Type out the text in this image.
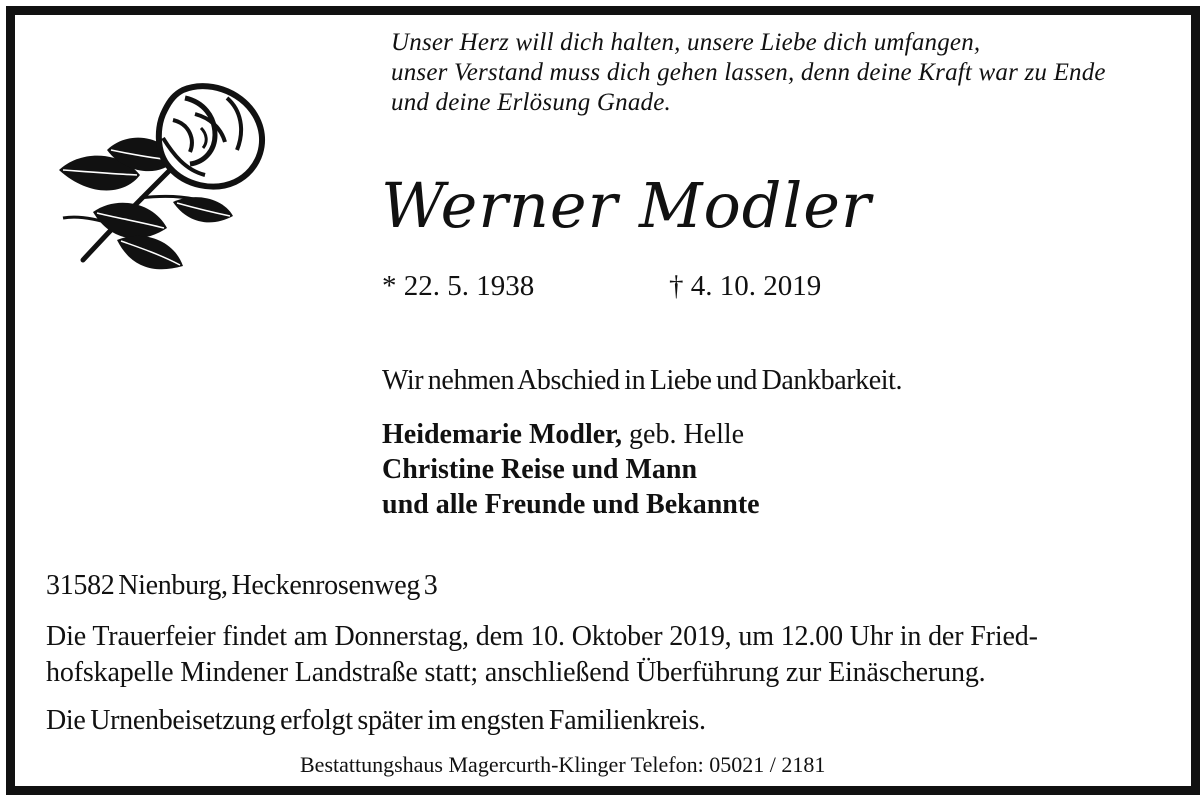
Unser Herz will dich halten, unsere Liebe dich umfangen,
unser Verstand muss dich gehen lassen, denn deine Kraft war zu Ende
und deine Erlösung Gnade.
Werner Modler
* 22. 5. 1938	† 4. 10. 2019
Wir nehmen Abschied in Liebe und Dankbarkeit.
Heidemarie Modler, geb. Helle
Christine Reise und Mann
und alle Freunde und Bekannte
31582 Nienburg, Heckenrosenweg 3
Die Trauerfeier findet am Donnerstag, dem 10. Oktober 2019, um 12.00 Uhr in der Fried-
hofskapelle Mindener Landstraße statt; anschließend Überführung zur Einäscherung.
Die Urnenbeisetzung erfolgt später im engsten Familienkreis.
Bestattungshaus Magercurth-Klinger Telefon: 05021 / 2181
